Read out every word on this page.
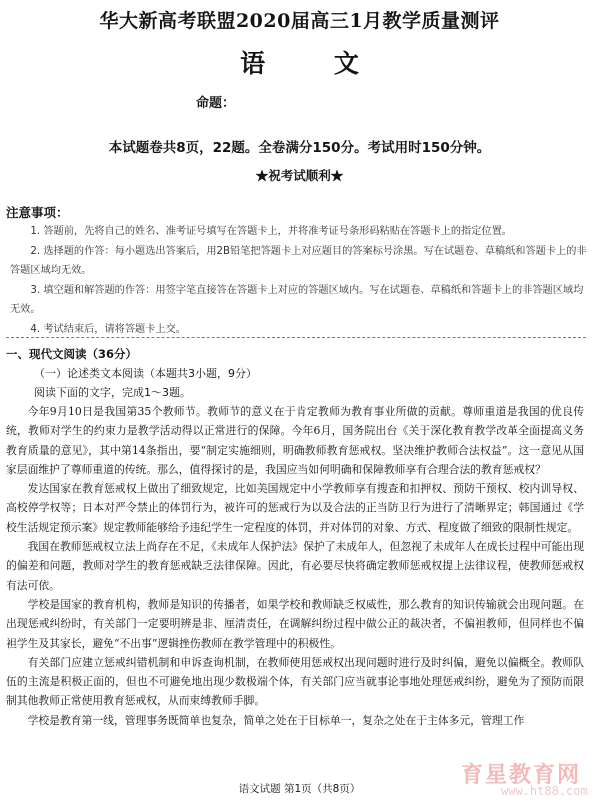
华大新高考联盟2020届高三1月教学质量测评
语 文
命题：
本试题卷共8页，22题。全卷满分150分。考试用时150分钟。
★祝考试顺利★
注意事项：

1. 答题前，先将自己的姓名、准考证号填写在答题卡上，并将准考证号条形码粘贴在答题卡上的指定位置。

2. 选择题的作答：每小题选出答案后，用2B铅笔把答题卡上对应题目的答案标号涂黑。写在试题卷、草稿纸和答题卡上的非答题区域均无效。

3. 填空题和解答题的作答：用签字笔直接答在答题卡上对应的答题区域内。写在试题卷、草稿纸和答题卡上的非答题区域均无效。

4. 考试结束后，请将答题卡上交。

一、现代文阅读（36分）
（一）论述类文本阅读（本题共3小题，9分）
阅读下面的文字，完成1～3题。

今年9月10日是我国第35个教师节。教师节的意义在于肯定教师为教育事业所做的贡献。尊师重道是我国的优良传统，教师对学生的约束力是教学活动得以正常进行的保障。今年6月，国务院出台《关于深化教育教学改革全面提高义务教育质量的意见》，其中第14条指出，要“制定实施细则，明确教师教育惩戒权。坚决维护教师合法权益”。这一意见从国家层面维护了尊师重道的传统。那么，值得探讨的是，我国应当如何明确和保障教师享有合理合法的教育惩戒权？

发达国家在教育惩戒权上做出了细致规定，比如美国规定中小学教师享有搜查和扣押权、预防干预权、校内训导权、高校停学权等；日本对严令禁止的体罚行为，被许可的惩戒行为以及合法的正当防卫行为进行了清晰界定；韩国通过《学校生活规定预示案》规定教师能够给予违纪学生一定程度的体罚，并对体罚的对象、方式、程度做了细致的限制性规定。

我国在教师惩戒权立法上尚存在不足，《未成年人保护法》保护了未成年人，但忽视了未成年人在成长过程中可能出现的偏差和问题，教师对学生的教育惩戒缺乏法律保障。因此，有必要尽快将确定教师惩戒权提上法律议程，使教师惩戒权有法可依。

学校是国家的教育机构，教师是知识的传播者，如果学校和教师缺乏权威性，那么教育的知识传输就会出现问题。在出现惩戒纠纷时，有关部门一定要明辨是非、厘清责任，在调解纠纷过程中做公正的裁决者，不偏袒教师，但同样也不偏袒学生及其家长，避免“不出事”逻辑挫伤教师在教学管理中的积极性。

有关部门应建立惩戒纠错机制和申诉查询机制，在教师使用惩戒权出现问题时进行及时纠偏，避免以偏概全。教师队伍的主流是积极正面的，但也不可避免地出现少数极端个体，有关部门应当就事论事地处理惩戒纠纷，避免为了预防而限制其他教师正常使用教育惩戒权，从而束缚教师手脚。

学校是教育第一线，管理事务既简单也复杂，简单之处在于目标单一，复杂之处在于主体多元，管理工作

育星教育网
www.ht88.com
语文试题 第1页（共8页）
